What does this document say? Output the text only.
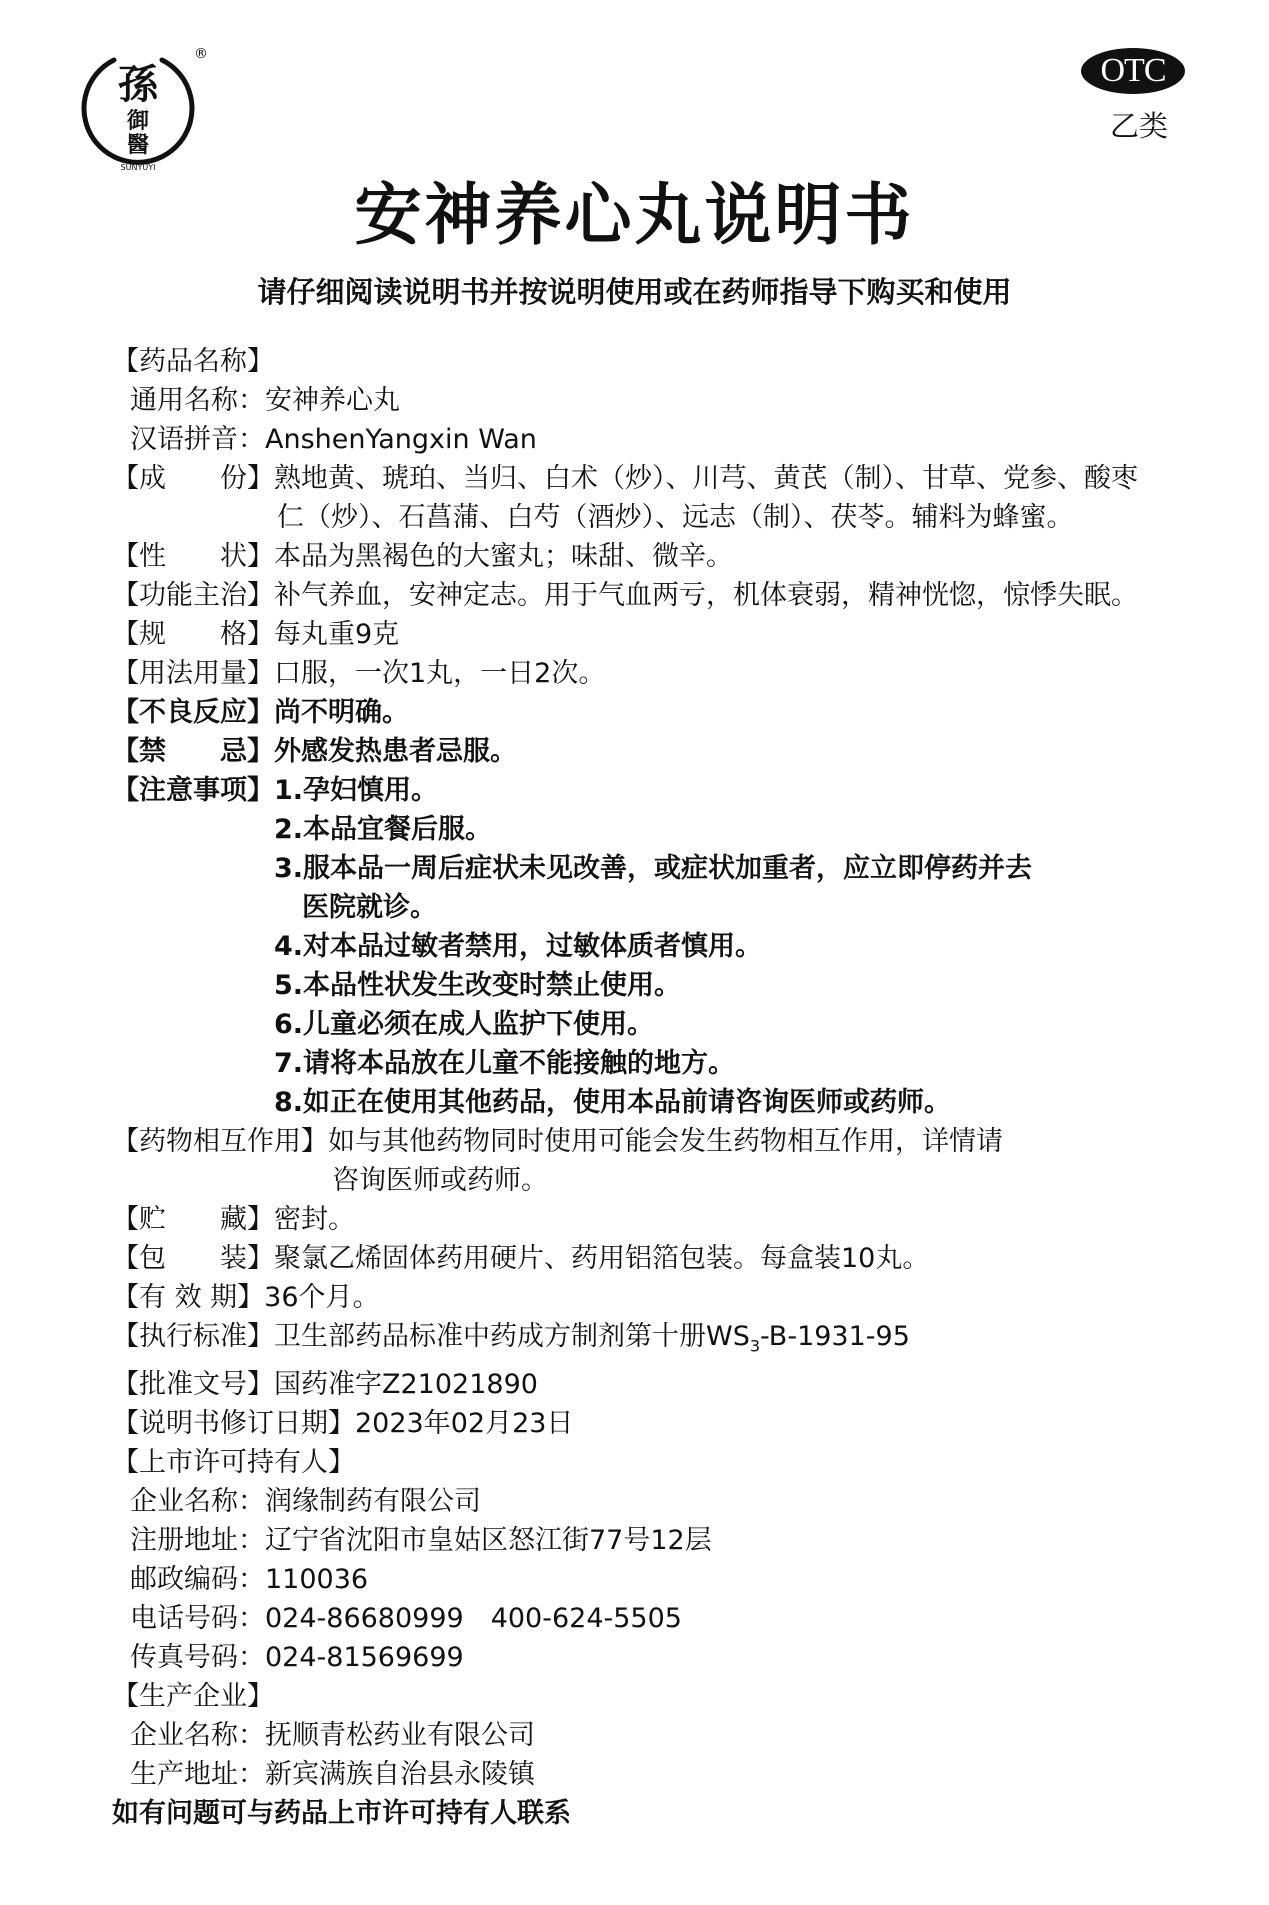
孫
御
醫
SUNYUYI
®	OTC
乙类
安神养心丸说明书
请仔细阅读说明书并按说明使用或在药师指导下购买和使用
【药品名称】
通用名称： 安神养心丸
汉语拼音： AnshenYangxin Wan
【成　　份】 熟地黄、琥珀、当归、白术（炒）、川芎、黄芪（制）、甘草、党参、酸枣
仁（炒）、石菖蒲、白芍（酒炒）、远志（制）、茯苓。辅料为蜂蜜。
【性　　状】 本品为黑褐色的大蜜丸；味甜、微辛。
【功能主治】 补气养血，安神定志。用于气血两亏，机体衰弱，精神恍惚，惊悸失眠。
【规　　格】 每丸重9克
【用法用量】 口服，一次1丸，一日2次。
【不良反应】 尚不明确。
【禁　　忌】 外感发热患者忌服。
【注意事项】 1.孕妇慎用。
2.本品宜餐后服。
3.服本品一周后症状未见改善，或症状加重者，应立即停药并去
医院就诊。
4.对本品过敏者禁用，过敏体质者慎用。
5.本品性状发生改变时禁止使用。
6.儿童必须在成人监护下使用。
7.请将本品放在儿童不能接触的地方。
8.如正在使用其他药品，使用本品前请咨询医师或药师。
【药物相互作用】 如与其他药物同时使用可能会发生药物相互作用，详情请
咨询医师或药师。
【贮　　藏】 密封。
【包　　装】 聚氯乙烯固体药用硬片、药用铝箔包装。每盒装10丸。
【有 效 期】 36个月。
【执行标准】 卫生部药品标准中药成方制剂第十册$WS_3-B-1931-95$
【批准文号】 国药准字Z21021890
【说明书修订日期】 2023年02月23日
【上市许可持有人】
企业名称： 润缘制药有限公司
注册地址： 辽宁省沈阳市皇姑区怒江街77号12层
邮政编码： 110036
电话号码： 024-86680999　400-624-5505
传真号码： 024-81569699
【生产企业】
企业名称： 抚顺青松药业有限公司
生产地址： 新宾满族自治县永陵镇
如有问题可与药品上市许可持有人联系
